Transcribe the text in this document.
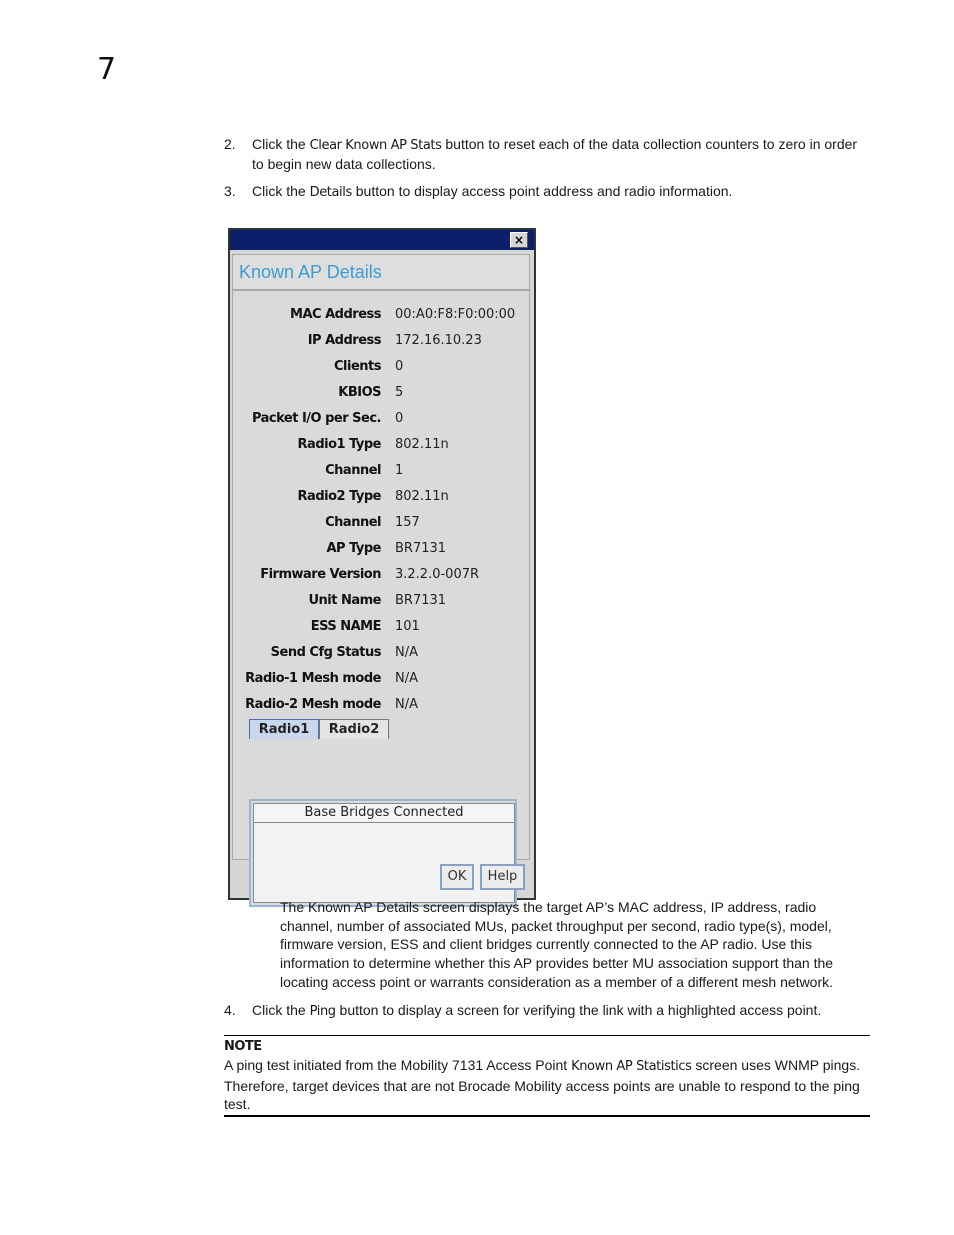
7
2. Click the Clear Known AP Stats button to reset each of the data collection counters to zero in order to begin new data collections.
3. Click the Details button to display access point address and radio information.
×
Known AP Details
MAC Address 00:A0:F8:F0:00:00
IP Address 172.16.10.23
Clients 0
KBIOS 5
Packet I/O per Sec. 0
Radio1 Type 802.11n
Channel 1
Radio2 Type 802.11n
Channel 157
AP Type BR7131
Firmware Version 3.2.2.0-007R
Unit Name BR7131
ESS NAME 101
Send Cfg Status N/A
Radio-1 Mesh mode N/A
Radio-2 Mesh mode N/A
Radio1	Radio2
Base Bridges Connected
OK	Help
The Known AP Details screen displays the target AP’s MAC address, IP address, radio channel, number of associated MUs, packet throughput per second, radio type(s), model, firmware version, ESS and client bridges currently connected to the AP radio. Use this information to determine whether this AP provides better MU association support than the locating access point or warrants consideration as a member of a different mesh network.
4. Click the Ping button to display a screen for verifying the link with a highlighted access point.
NOTE
A ping test initiated from the Mobility 7131 Access Point Known AP Statistics screen uses WNMP pings. Therefore, target devices that are not Brocade Mobility access points are unable to respond to the ping test.
